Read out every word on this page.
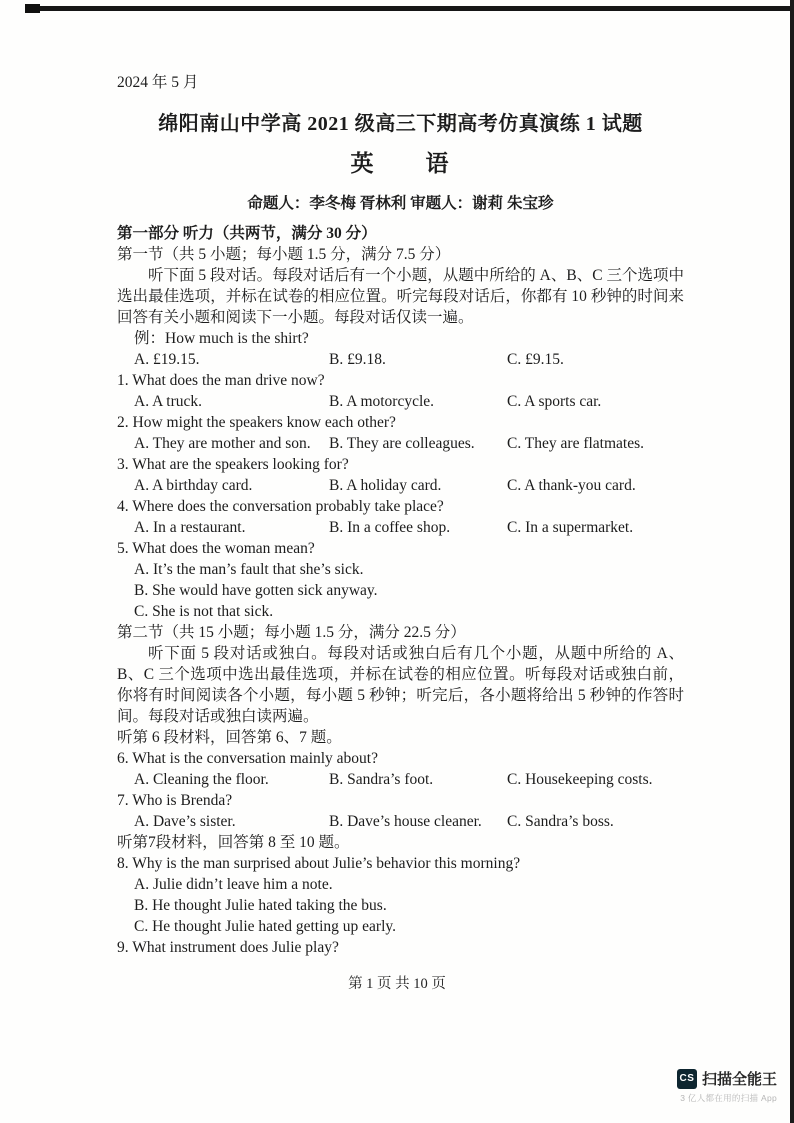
2024 年 5 月
绵阳南山中学高 2021 级高三下期高考仿真演练 1 试题
英　　语
命题人：李冬梅 胥林利 审题人：谢莉 朱宝珍
第一部分 听力（共两节，满分 30 分）
第一节（共 5 小题；每小题 1.5 分，满分 7.5 分）
听下面 5 段对话。每段对话后有一个小题，从题中所给的 A、B、C 三个选项中选出最佳选项，并标在试卷的相应位置。听完每段对话后，你都有 10 秒钟的时间来回答有关小题和阅读下一小题。每段对话仅读一遍。
例：How much is the shirt?
A. £19.15.	B. £9.18.	C. £9.15.
1. What does the man drive now?
A. A truck.	B. A motorcycle.	C. A sports car.
2. How might the speakers know each other?
A. They are mother and son.	B. They are colleagues.	C. They are flatmates.
3. What are the speakers looking for?
A. A birthday card.	B. A holiday card.	C. A thank-you card.
4. Where does the conversation probably take place?
A. In a restaurant.	B. In a coffee shop.	C. In a supermarket.
5. What does the woman mean?
A. It’s the man’s fault that she’s sick.
B. She would have gotten sick anyway.
C. She is not that sick.
第二节（共 15 小题；每小题 1.5 分，满分 22.5 分）
听下面 5 段对话或独白。每段对话或独白后有几个小题，从题中所给的 A、B、C 三个选项中选出最佳选项，并标在试卷的相应位置。听每段对话或独白前，你将有时间阅读各个小题，每小题 5 秒钟；听完后，各小题将给出 5 秒钟的作答时间。每段对话或独白读两遍。
听第 6 段材料，回答第 6、7 题。
6. What is the conversation mainly about?
A. Cleaning the floor.	B. Sandra’s foot.	C. Housekeeping costs.
7. Who is Brenda?
A. Dave’s sister.	B. Dave’s house cleaner.	C. Sandra’s boss.
听第7段材料，回答第 8 至 10 题。
8. Why is the man surprised about Julie’s behavior this morning?
A. Julie didn’t leave him a note.
B. He thought Julie hated taking the bus.
C. He thought Julie hated getting up early.
9. What instrument does Julie play?
第 1 页 共 10 页
CS 扫描全能王
3 亿人都在用的扫描 App
